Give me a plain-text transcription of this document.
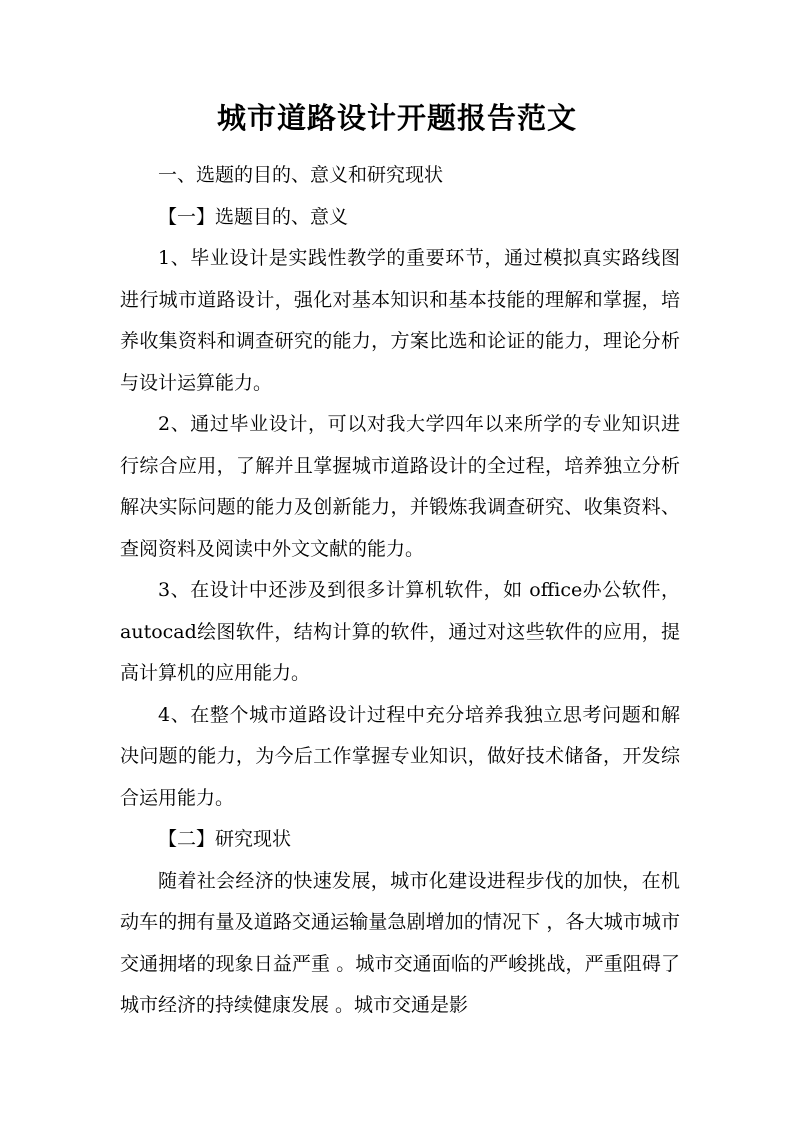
城市道路设计开题报告范文

一、选题的目的、意义和研究现状

【一】选题目的、意义

1、毕业设计是实践性教学的重要环节，通过模拟真实路线图进行城市道路设计，强化对基本知识和基本技能的理解和掌握，培养收集资料和调查研究的能力，方案比选和论证的能力，理论分析与设计运算能力。

2、通过毕业设计，可以对我大学四年以来所学的专业知识进行综合应用，了解并且掌握城市道路设计的全过程，培养独立分析解决实际问题的能力及创新能力，并锻炼我调查研究、收集资料、查阅资料及阅读中外文文献的能力。

3、在设计中还涉及到很多计算机软件，如 office办公软件，autocad绘图软件，结构计算的软件，通过对这些软件的应用，提高计算机的应用能力。

4、在整个城市道路设计过程中充分培养我独立思考问题和解决问题的能力，为今后工作掌握专业知识，做好技术储备，开发综合运用能力。

【二】研究现状

随着社会经济的快速发展，城市化建设进程步伐的加快，在机动车的拥有量及道路交通运输量急剧增加的情况下 ，各大城市城市交通拥堵的现象日益严重 。城市交通面临的严峻挑战，严重阻碍了城市经济的持续健康发展 。城市交通是影
